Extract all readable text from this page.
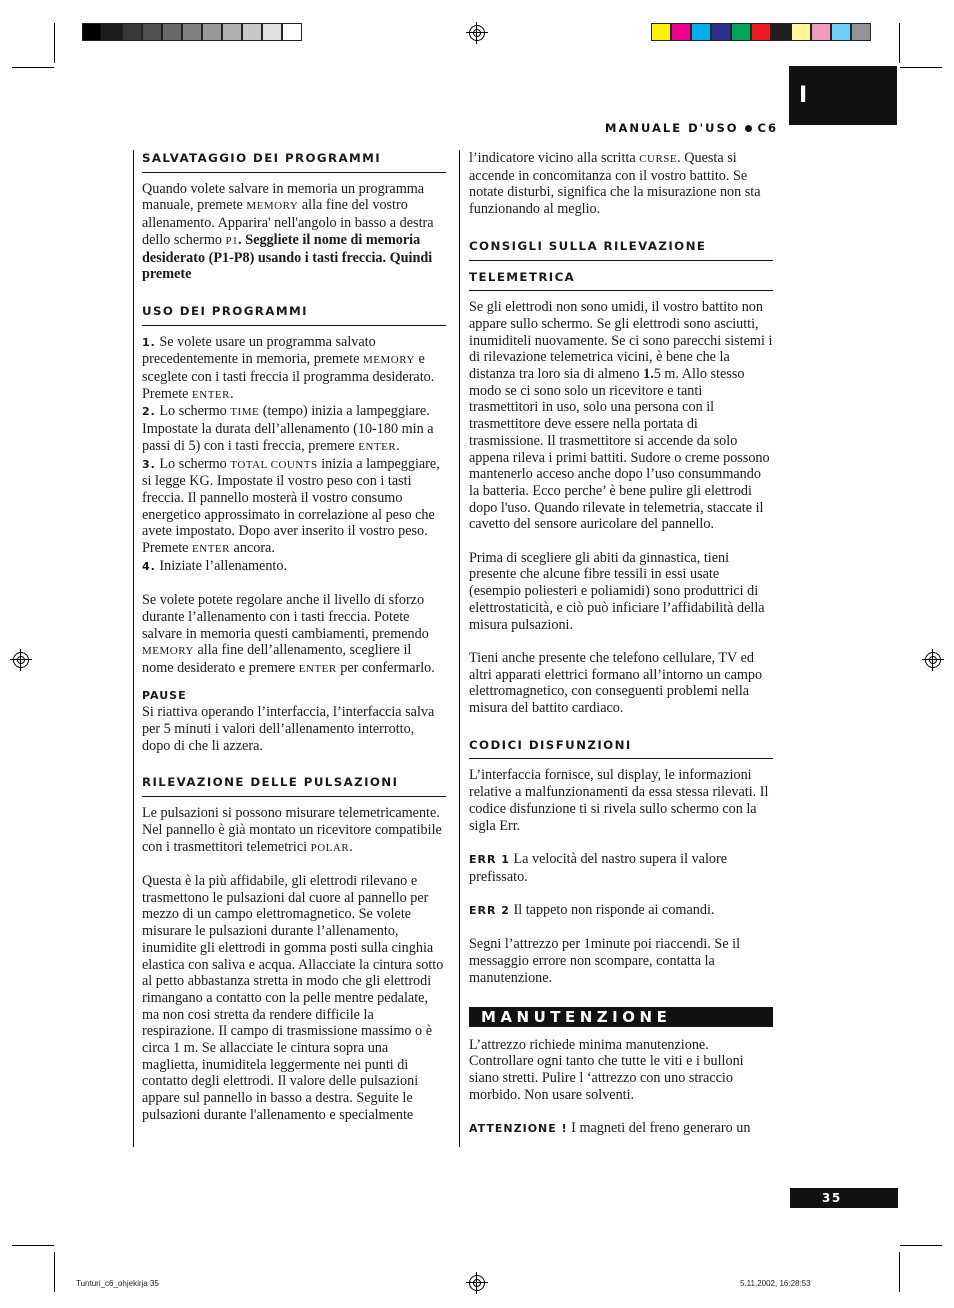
I
MANUALE D'USO C6
SALVATAGGIO DEI PROGRAMMI

Quando volete salvare in memoria un programma manuale, premete MEMORY alla fine del vostro allenamento. Apparira' nell'angolo in basso a destra dello schermo P1. Seggliete il nome di memoria desiderato (P1-P8) usando i tasti freccia. Quindi premete

USO DEI PROGRAMMI

1. Se volete usare un programma salvato precedentemente in memoria, premete MEMORY e sceglete con i tasti freccia il programma desiderato. Premete ENTER.

2. Lo schermo TIME (tempo) inizia a lampeggiare. Impostate la durata dell’allenamento (10-180 min a passi di 5) con i tasti freccia, premere ENTER.

3. Lo schermo TOTAL COUNTS inizia a lampeggiare, si legge KG. Impostate il vostro peso con i tasti freccia. Il pannello mosterà il vostro consumo energetico approssimato in correlazione al peso che avete impostato. Dopo aver inserito il vostro peso. Premete ENTER ancora.

4. Iniziate l’allenamento.

Se volete potete regolare anche il livello di sforzo durante l’allenamento con i tasti freccia. Potete salvare in memoria questi cambiamenti, premendo MEMORY alla fine dell’allenamento, scegliere il nome desiderato e premere ENTER per confermarlo.

PAUSE

Si riattiva operando l’interfaccia, l’interfaccia salva per 5 minuti i valori dell’allenamento interrotto, dopo di che li azzera.

RILEVAZIONE DELLE PULSAZIONI

Le pulsazioni si possono misurare telemetricamente. Nel pannello è già montato un ricevitore compatibile con i trasmettitori telemetrici POLAR.

Questa è la più affidabile, gli elettrodi rilevano e trasmettono le pulsazioni dal cuore al pannello per mezzo di un campo elettromagnetico. Se volete misurare le pulsazioni durante l’allenamento, inumidite gli elettrodi in gomma posti sulla cinghia elastica con saliva e acqua. Allacciate la cintura sotto al petto abbastanza stretta in modo che gli elettrodi rimangano a contatto con la pelle mentre pedalate, ma non cosi stretta da rendere difficile la respirazione. Il campo di trasmissione massimo o è circa 1 m. Se allacciate le cintura sopra una maglietta, inumiditela leggermente nei punti di contatto degli elettrodi. Il valore delle pulsazioni appare sul pannello in basso a destra. Seguite le pulsazioni durante l'allenamento e specialmente

l’indicatore vicino alla scritta CURSE. Questa si accende in concomitanza con il vostro battito. Se notate disturbi, significa che la misurazione non sta funzionando al meglio.

CONSIGLI SULLA RILEVAZIONE
TELEMETRICA

Se gli elettrodi non sono umidi, il vostro battito non appare sullo schermo. Se gli elettrodi sono asciutti, inumiditeli nuovamente. Se ci sono parecchi sistemi i di rilevazione telemetrica vicini, è bene che la distanza tra loro sia di almeno 1.5 m. Allo stesso modo se ci sono solo un ricevitore e tanti trasmettitori in uso, solo una persona con il trasmettitore deve essere nella portata di trasmissione. Il trasmettitore si accende da solo appena rileva i primi battiti. Sudore o creme possono mantenerlo acceso anche dopo l’uso consummando la batteria. Ecco perche’ è bene pulire gli elettrodi dopo l'uso. Quando rilevate in telemetria, staccate il cavetto del sensore auricolare del pannello.

Prima di scegliere gli abiti da ginnastica, tieni presente che alcune fibre tessili in essi usate (esempio poliesteri e poliamidi) sono produttrici di elettrostaticità, e ciò può inficiare l’affidabilità della misura pulsazioni.

Tieni anche presente che telefono cellulare, TV ed altri apparati elettrici formano all’intorno un campo elettromagnetico, con conseguenti problemi nella misura del battito cardiaco.

CODICI DISFUNZIONI

L’interfaccia fornisce, sul display, le informazioni relative a malfunzionamenti da essa stessa rilevati. Il codice disfunzione ti si rivela sullo schermo con la sigla Err.

ERR 1 La velocità del nastro supera il valore prefissato.

ERR 2 Il tappeto non risponde ai comandi.

Segni l’attrezzo per 1minute poi riaccendi. Se il messaggio errore non scompare, contatta la manutenzione.

MANUTENZIONE

L’attrezzo richiede minima manutenzione. Controllare ogni tanto che tutte le viti e i bulloni siano stretti. Pulire l ‘attrezzo con uno straccio morbido. Non usare solventi.

ATTENZIONE ! I magneti del freno generaro un

35
Tunturi_c6_ohjekirja 35	5.11.2002, 16:28:53
